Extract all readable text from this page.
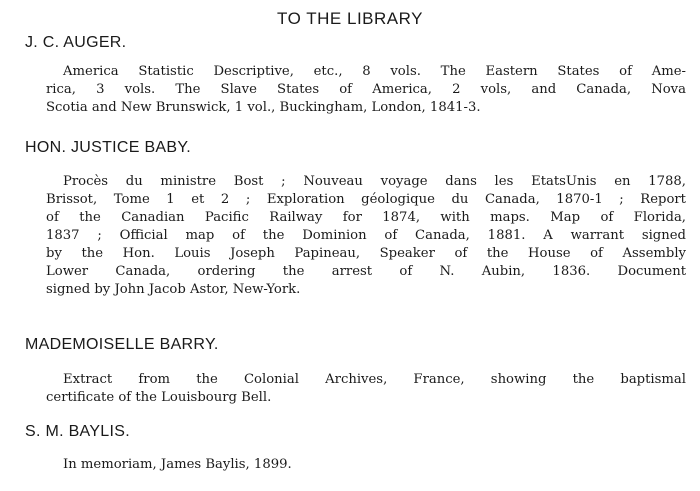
TO THE LIBRARY
J. C. AUGER.
America Statistic Descriptive, etc., 8 vols. The Eastern States of Ame-
rica, 3 vols. The Slave States of America, 2 vols, and Canada, Nova
Scotia and New Brunswick, 1 vol., Buckingham, London, 1841-3.
HON. JUSTICE BABY.
Procès du ministre Bost ; Nouveau voyage dans les EtatsUnis en 1788,
Brissot, Tome 1 et 2 ; Exploration géologique du Canada, 1870-1 ; Report
of the Canadian Pacific Railway for 1874, with maps. Map of Florida,
1837 ; Official map of the Dominion of Canada, 1881. A warrant signed
by the Hon. Louis Joseph Papineau, Speaker of the House of Assembly
Lower Canada, ordering the arrest of N. Aubin, 1836. Document
signed by John Jacob Astor, New-York.
MADEMOISELLE BARRY.
Extract from the Colonial Archives, France, showing the baptismal
certificate of the Louisbourg Bell.
S. M. BAYLIS.
In memoriam, James Baylis, 1899.
